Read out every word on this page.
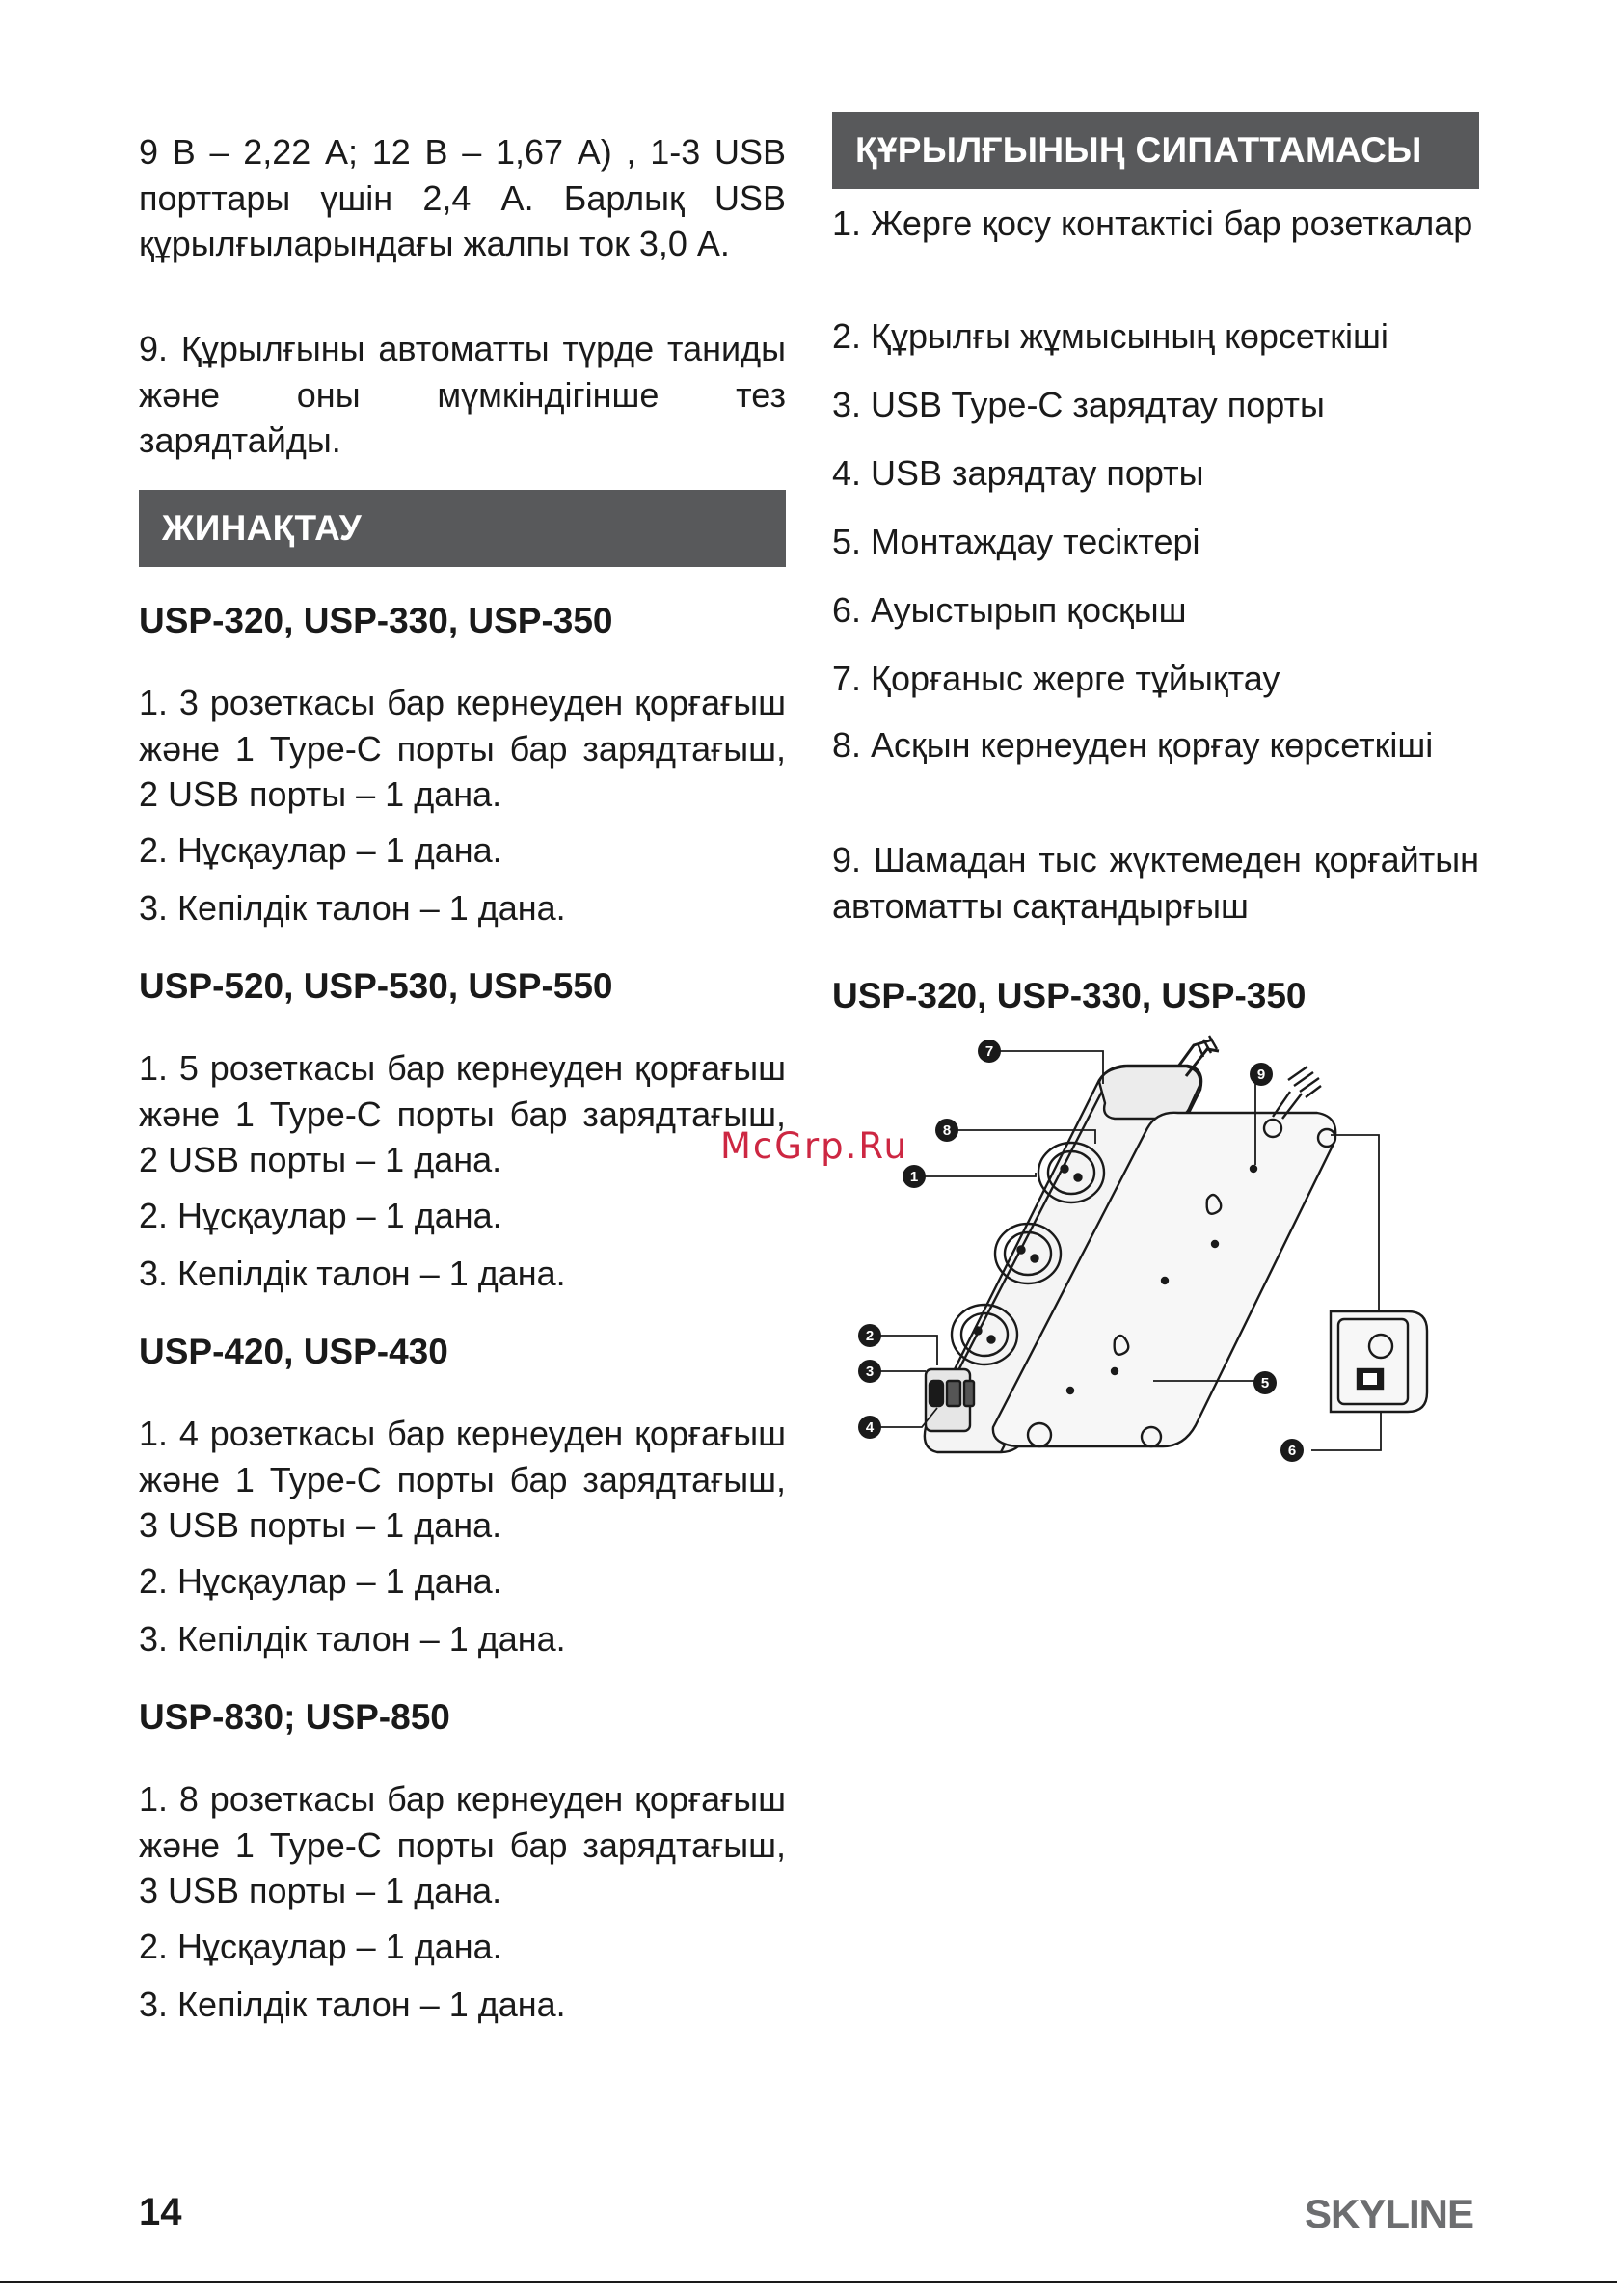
9 В – 2,22 А; 12 В – 1,67 А) , 1-3 USB порттары үшін 2,4 А. Барлық USB құрылғыларындағы жалпы ток 3,0 А.

9. Құрылғыны автоматты түрде таниды және оны мүмкіндігінше тез зарядтайды.

ЖИНАҚТАУ
USP-320, USP-330, USP-350

1. 3 розеткасы бар кернеуден қорғағыш және 1 Type-C порты бар зарядтағыш, 2 USB порты – 1 дана.

2. Нұсқаулар – 1 дана.

3. Кепілдік талон – 1 дана.

USP-520, USP-530, USP-550

1. 5 розеткасы бар кернеуден қорғағыш және 1 Type-C порты бар зарядтағыш, 2 USB порты – 1 дана.

2. Нұсқаулар – 1 дана.

3. Кепілдік талон – 1 дана.

USP-420, USP-430

1. 4 розеткасы бар кернеуден қорғағыш және 1 Type-C порты бар зарядтағыш, 3 USB порты – 1 дана.

2. Нұсқаулар – 1 дана.

3. Кепілдік талон – 1 дана.

USP-830; USP-850

1. 8 розеткасы бар кернеуден қорғағыш және 1 Type-C порты бар зарядтағыш, 3 USB порты – 1 дана.

2. Нұсқаулар – 1 дана.

3. Кепілдік талон – 1 дана.

ҚҰРЫЛҒЫНЫҢ СИПАТТАМАСЫ

1. Жерге қосу контактісі бар розеткалар

2. Құрылғы жұмысының көрсеткіші

3. USB Type-C зарядтау порты

4. USB зарядтау порты

5. Монтаждау тесіктері

6. Ауыстырып қосқыш

7. Қорғаныс жерге тұйықтау

8. Асқын кернеуден қорғау көрсеткіші

9. Шамадан тыс жүктемеден қорғайтын автоматты сақтандырғыш

USP-320, USP-330, USP-350
7
8
1
2
3
4
9
5
6
McGrp.Ru
14	SKYLINE
